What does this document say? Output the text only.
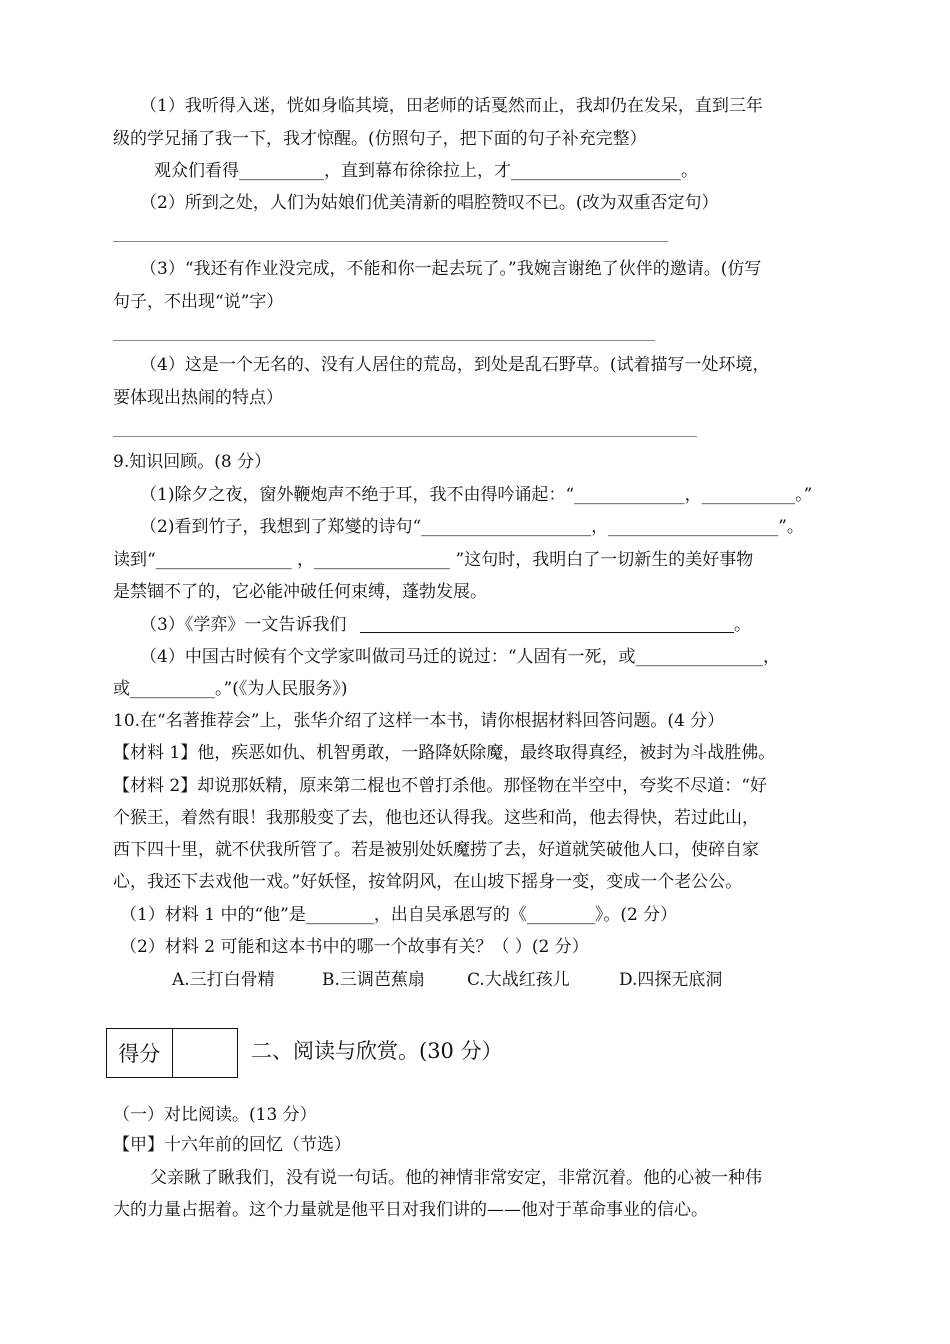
（1）我听得入迷，恍如身临其境，田老师的话戛然而止，我却仍在发呆，直到三年
级的学兄捅了我一下，我才惊醒。(仿照句子，把下面的句子补充完整）
观众们看得__________，直到幕布徐徐拉上，才____________________。
（2）所到之处，人们为姑娘们优美清新的唱腔赞叹不已。(改为双重否定句）
（3）“我还有作业没完成，不能和你一起去玩了。”我婉言谢绝了伙伴的邀请。(仿写
句子，不出现“说”字）
（4）这是一个无名的、没有人居住的荒岛，到处是乱石野草。(试着描写一处环境，
要体现出热闹的特点）
9.知识回顾。(8 分）
（1)除夕之夜，窗外鞭炮声不绝于耳，我不由得吟诵起：“_____________，___________。”
（2)看到竹子，我想到了郑燮的诗句“____________________，____________________”。
读到“________________ ，________________ ”这句时，我明白了一切新生的美好事物
是禁锢不了的，它必能冲破任何束缚，蓬勃发展。
（3）《学弈》一文告诉我们	。
（4）中国古时候有个文学家叫做司马迁的说过：“人固有一死，或_______________，
或__________。”(《为人民服务》)
10.在“名著推荐会”上，张华介绍了这样一本书，请你根据材料回答问题。(4 分）
【材料 1】他，疾恶如仇、机智勇敢，一路降妖除魔，最终取得真经，被封为斗战胜佛。
【材料 2】却说那妖精，原来第二棍也不曾打杀他。那怪物在半空中，夸奖不尽道：“好
个猴王，着然有眼！我那般变了去，他也还认得我。这些和尚，他去得快，若过此山，
西下四十里，就不伏我所管了。若是被别处妖魔捞了去，好道就笑破他人口，使碎自家
心，我还下去戏他一戏。”好妖怪，按耸阴风，在山坡下摇身一变，变成一个老公公。
（1）材料 1 中的“他”是________，出自吴承恩写的《________》。(2 分）
（2）材料 2 可能和这本书中的哪一个故事有关？（ ）(2 分）
A.三打白骨精	B.三调芭蕉扇 C.大战红孩儿	D.四探无底洞
得分	二、阅读与欣赏。(30 分）
（一）对比阅读。(13 分）
【甲】十六年前的回忆（节选）
父亲瞅了瞅我们，没有说一句话。他的神情非常安定，非常沉着。他的心被一种伟
大的力量占据着。这个力量就是他平日对我们讲的——他对于革命事业的信心。
